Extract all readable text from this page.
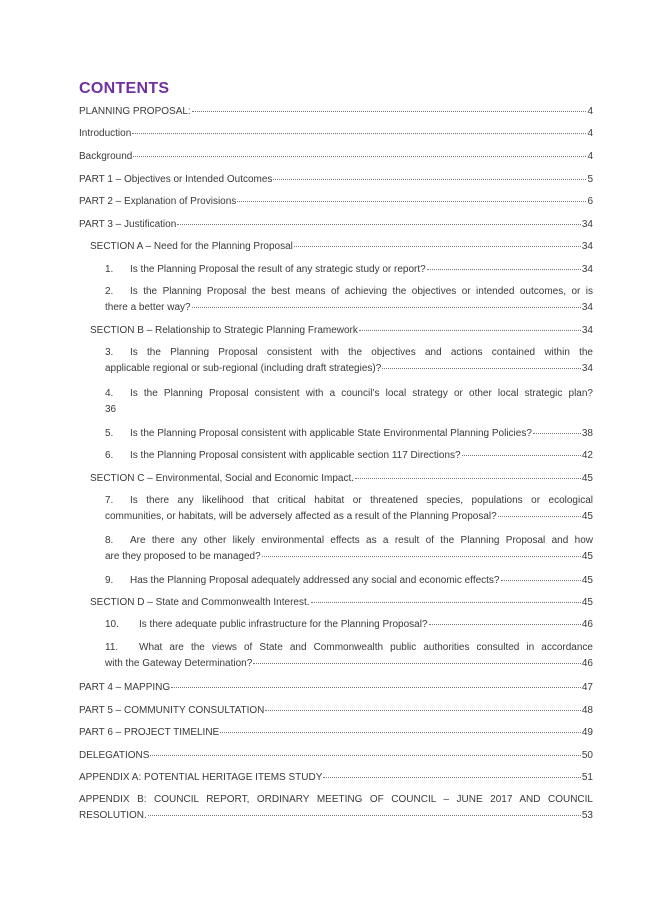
CONTENTS
PLANNING PROPOSAL:	4
Introduction	4
Background	4
PART 1 – Objectives or Intended Outcomes	5
PART 2 – Explanation of Provisions	6
PART 3 – Justification	34
SECTION A – Need for the Planning Proposal	34
1. Is the Planning Proposal the result of any strategic study or report?	34
2. Is the Planning Proposal the best means of achieving the objectives or intended outcomes, or is
there a better way?	34
SECTION B – Relationship to Strategic Planning Framework	34
3. Is the Planning Proposal consistent with the objectives and actions contained within the
applicable regional or sub-regional (including draft strategies)?	34
4. Is the Planning Proposal consistent with a council’s local strategy or other local strategic plan?
36
5. Is the Planning Proposal consistent with applicable State Environmental Planning Policies?	38
6. Is the Planning Proposal consistent with applicable section 117 Directions?	42
SECTION C – Environmental, Social and Economic Impact.	45
7. Is there any likelihood that critical habitat or threatened species, populations or ecological
communities, or habitats, will be adversely affected as a result of the Planning Proposal?	45
8. Are there any other likely environmental effects as a result of the Planning Proposal and how
are they proposed to be managed?	45
9. Has the Planning Proposal adequately addressed any social and economic effects?	45
SECTION D – State and Commonwealth Interest.	45
10. Is there adequate public infrastructure for the Planning Proposal?	46
11. What are the views of State and Commonwealth public authorities consulted in accordance
with the Gateway Determination?	46
PART 4 – MAPPING	47
PART 5 – COMMUNITY CONSULTATION	48
PART 6 – PROJECT TIMELINE	49
DELEGATIONS	50
APPENDIX A: POTENTIAL HERITAGE ITEMS STUDY	51
APPENDIX B: COUNCIL REPORT, ORDINARY MEETING OF COUNCIL – JUNE 2017 AND COUNCIL
RESOLUTION.	53
